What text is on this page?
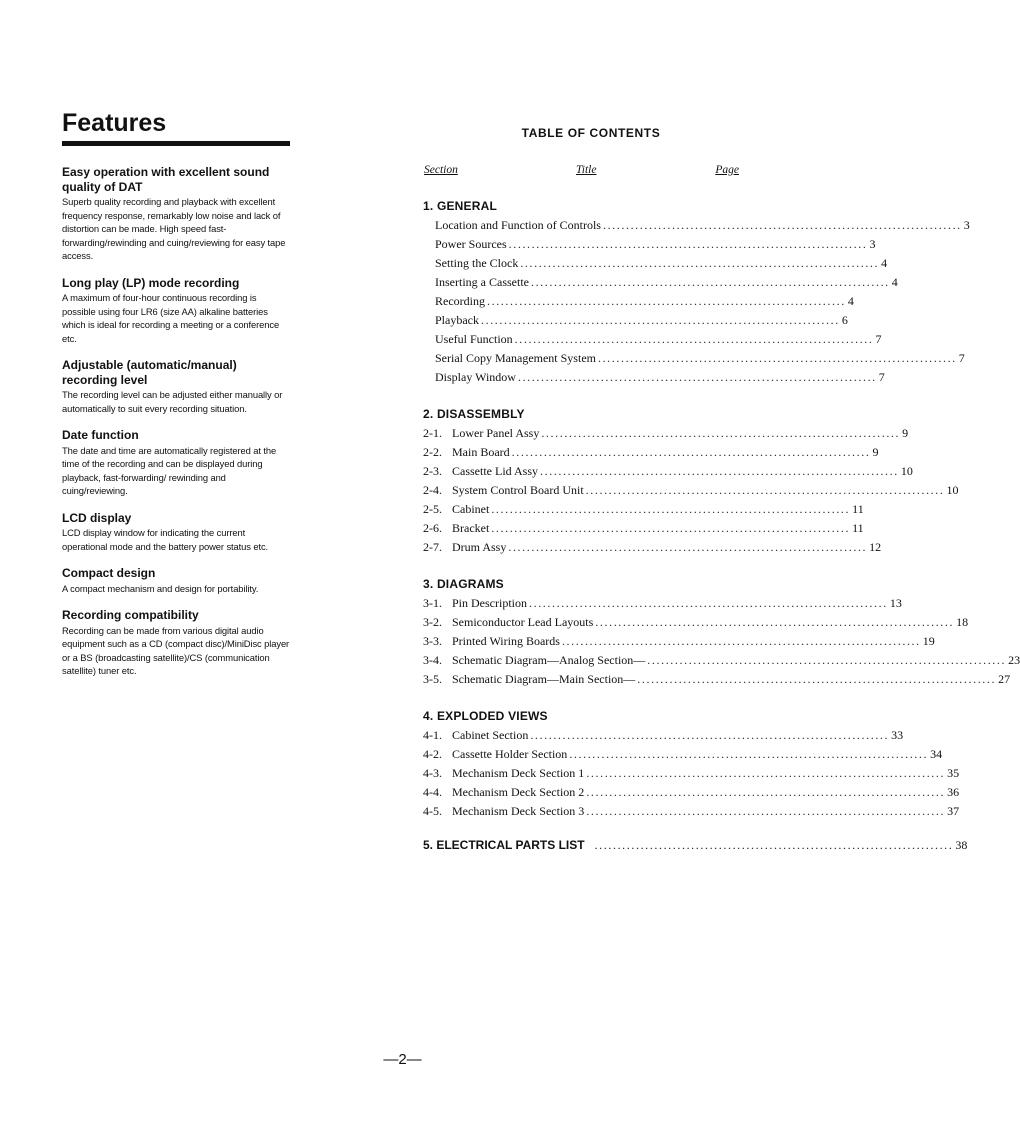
Features

Easy operation with excellent sound quality of DAT

Superb quality recording and playback with excellent frequency response, remarkably low noise and lack of distortion can be made. High speed fast-forwarding/rewinding and cuing/reviewing for easy tape access.

Long play (LP) mode recording

A maximum of four-hour continuous recording is possible using four LR6 (size AA) alkaline batteries which is ideal for recording a meeting or a conference etc.

Adjustable (automatic/manual) recording level

The recording level can be adjusted either manually or automatically to suit every recording situation.

Date function

The date and time are automatically registered at the time of the recording and can be displayed during playback, fast-forwarding/ rewinding and cuing/reviewing.

LCD display

LCD display window for indicating the current operational mode and the battery power status etc.

Compact design

A compact mechanism and design for portability.

Recording compatibility

Recording can be made from various digital audio equipment such as a CD (compact disc)/MiniDisc player or a BS (broadcasting satellite)/CS (communication satellite) tuner etc.

TABLE OF CONTENTS

Section	Title	Page

1. GENERAL

Location and Function of Controls .............................................................................. 3
Power Sources .............................................................................. 3
Setting the Clock .............................................................................. 4
Inserting a Cassette .............................................................................. 4
Recording .............................................................................. 4
Playback .............................................................................. 6
Useful Function .............................................................................. 7
Serial Copy Management System .............................................................................. 7
Display Window .............................................................................. 7

2. DISASSEMBLY

2-1. Lower Panel Assy .............................................................................. 9
2-2. Main Board .............................................................................. 9
2-3. Cassette Lid Assy .............................................................................. 10
2-4. System Control Board Unit .............................................................................. 10
2-5. Cabinet .............................................................................. 11
2-6. Bracket .............................................................................. 11
2-7. Drum Assy .............................................................................. 12

3. DIAGRAMS

3-1. Pin Description .............................................................................. 13
3-2. Semiconductor Lead Layouts .............................................................................. 18
3-3. Printed Wiring Boards .............................................................................. 19
3-4. Schematic Diagram—Analog Section— .............................................................................. 23
3-5. Schematic Diagram—Main Section— .............................................................................. 27

4. EXPLODED VIEWS

4-1. Cabinet Section .............................................................................. 33
4-2. Cassette Holder Section .............................................................................. 34
4-3. Mechanism Deck Section 1 .............................................................................. 35
4-4. Mechanism Deck Section 2 .............................................................................. 36
4-5. Mechanism Deck Section 3 .............................................................................. 37
5. ELECTRICAL PARTS LIST .............................................................................. 38
—2—
